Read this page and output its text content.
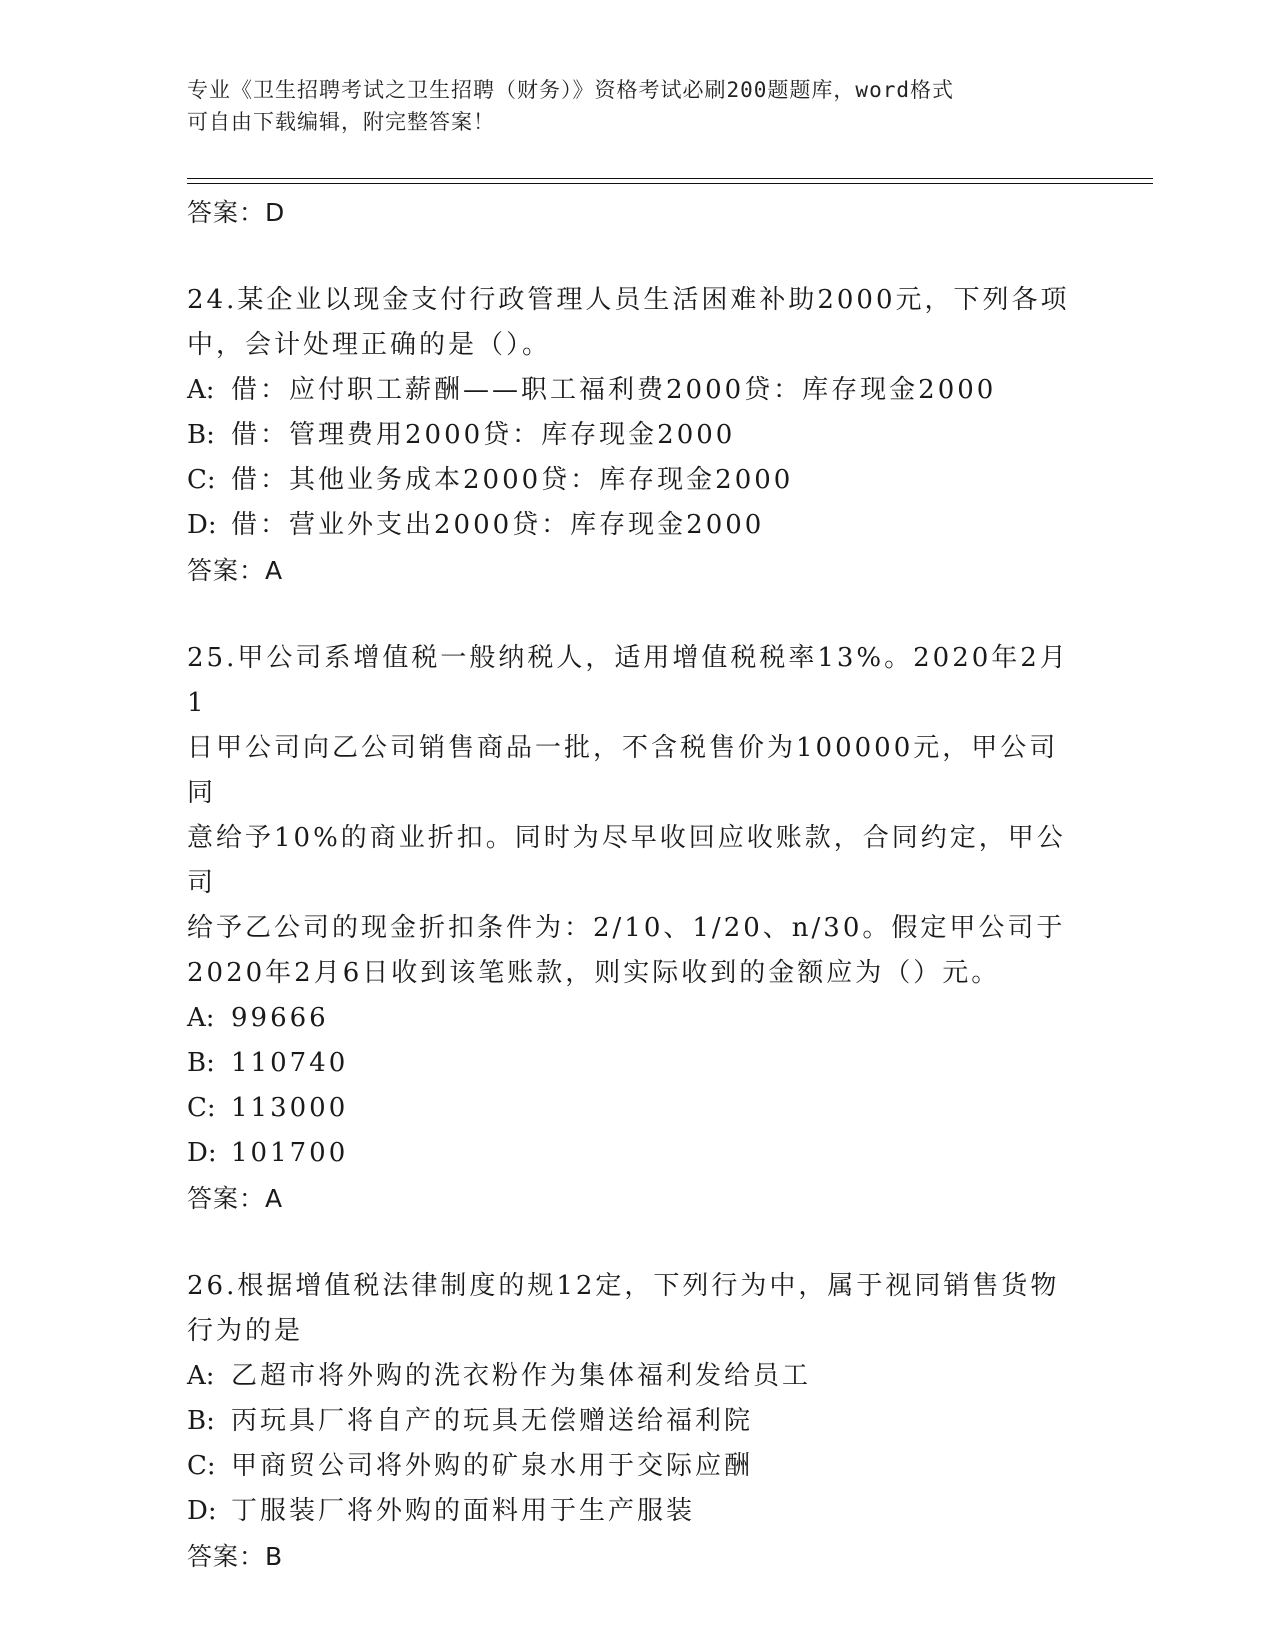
专业《卫生招聘考试之卫生招聘（财务）》资格考试必刷200题题库，word格式
可自由下载编辑，附完整答案！
答案：D
24.某企业以现金支付行政管理人员生活困难补助2000元，下列各项
中，会计处理正确的是（）。
A: 借：应付职工薪酬——职工福利费2000贷：库存现金2000
B: 借：管理费用2000贷：库存现金2000
C: 借：其他业务成本2000贷：库存现金2000
D: 借：营业外支出2000贷：库存现金2000
答案：A
25.甲公司系增值税一般纳税人，适用增值税税率13%。2020年2月1
日甲公司向乙公司销售商品一批，不含税售价为100000元，甲公司同
意给予10%的商业折扣。同时为尽早收回应收账款，合同约定，甲公司
给予乙公司的现金折扣条件为：2/10、1/20、n/30。假定甲公司于
2020年2月6日收到该笔账款，则实际收到的金额应为（）元。
A: 99666
B: 110740
C: 113000
D: 101700
答案：A
26.根据增值税法律制度的规12定，下列行为中，属于视同销售货物
行为的是
A: 乙超市将外购的洗衣粉作为集体福利发给员工
B: 丙玩具厂将自产的玩具无偿赠送给福利院
C: 甲商贸公司将外购的矿泉水用于交际应酬
D: 丁服装厂将外购的面料用于生产服装
答案：B
